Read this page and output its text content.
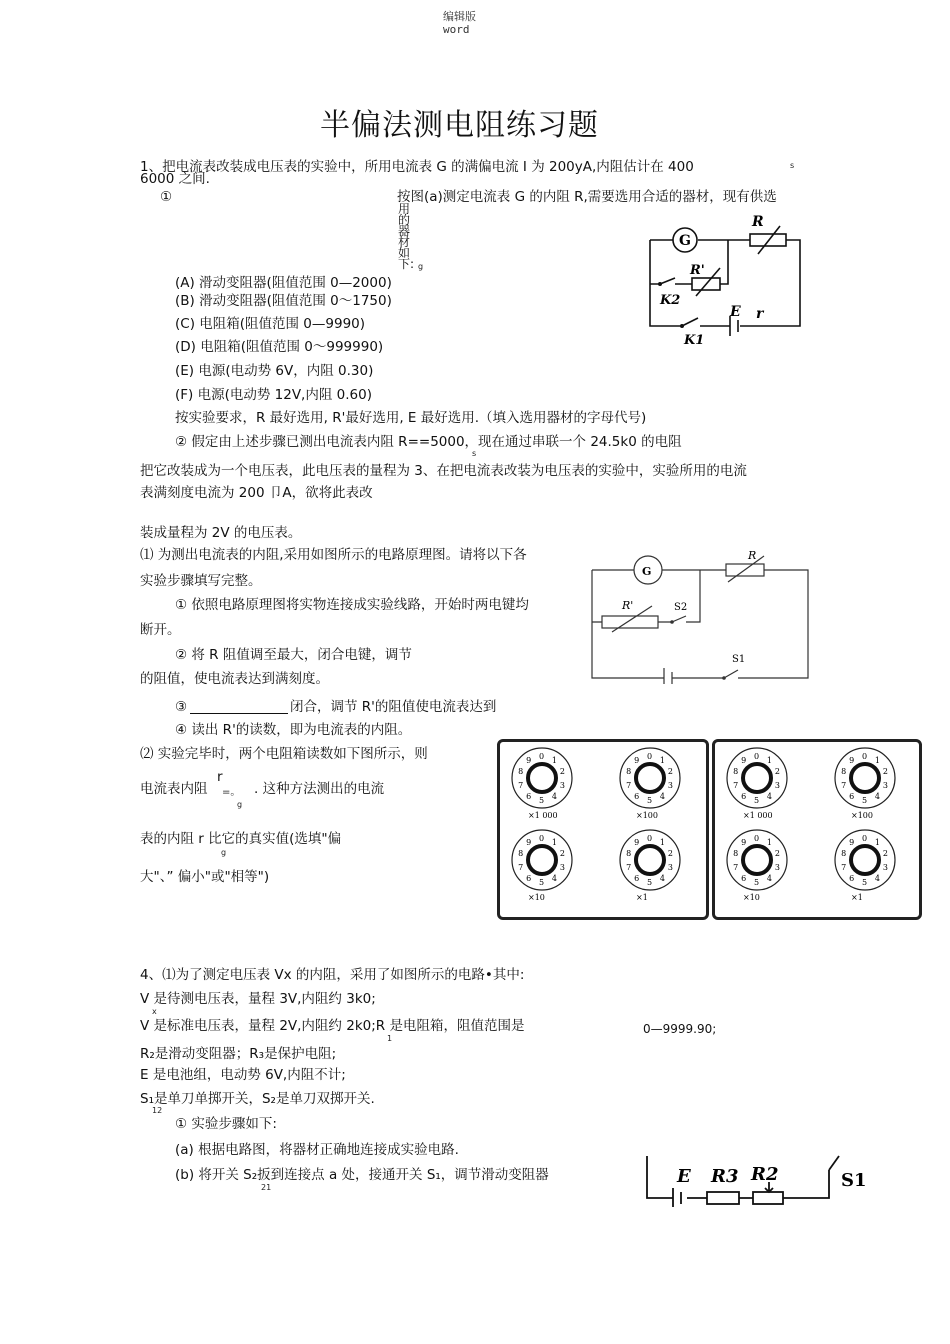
编辑版
word
半偏法测电阻练习题
1、把电流表改装成电压表的实验中，所用电流表 G 的满偏电流 I 为 200yA,内阻估计在 400	s
6000 之间.
①	按图(a)测定电流表 G 的内阻 R,需要选用合适的器材，现有供选
用的器材如下: g
(A) 滑动变阻器(阻值范围 0—2000)
(B) 滑动变阻器(阻值范围 0〜1750)
(C) 电阻箱(阻值范围 0—9990)
(D) 电阻箱(阻值范围 0〜999990)
(E) 电源(电动势 6V，内阻 0.30)
(F) 电源(电动势 12V,内阻 0.60)
按实验要求，R 最好选用, R'最好选用, E 最好选用.（填入选用器材的字母代号)
② 假定由上述步骤已测出电流表内阻 R==5000，现在通过串联一个 24.5k0 的电阻
s
G
R
R'
K2
E r
K1
把它改装成为一个电压表，此电压表的量程为 3、在把电流表改装为电压表的实验中，实验所用的电流
表满刻度电流为 200 卩A，欲将此表改
装成量程为 2V 的电压表。
⑴ 为测出电流表的内阻,采用如图所示的电路原理图。请将以下各
实验步骤填写完整。
① 依照电路原理图将实物连接成实验线路，开始时两电键均
断开。
② 将 R 阻值调至最大，闭合电键，调节
的阻值，使电流表达到满刻度。
③	闭合，调节 R'的阻值使电流表达到
④ 读出 R'的读数，即为电流表的内阻。
⑵ 实验完毕时，两个电阻箱读数如下图所示，则
电流表内阻
r
=。 . 这种方法测出的电流
g
表的内阻 r 比它的真实值(选填"偏
g
大"、” 偏小"或"相等")
G
R
R'	S2
S1
0 1
2
3
4
5
6
7
8
9
×1 000
0 1
2
3
4
5
6
7
8
9
×100
0 1
2
3
4
5
6
7
8
9
×10
0 1
2
3
4
5
6
7
8
9
×1
0 1
2
3
4
5
6
7
8
9
×1 000
0 1
2
3
4
5
6
7
8
9
×100
0 1
2
3
4
5
6
7
8
9
×10
0 1
2
3
4
5
6
7
8
9
×1
4、⑴为了测定电压表 Vx 的内阻，采用了如图所示的电路•其中:
V 是待测电压表，量程 3V,内阻约 3k0;
x
V 是标准电压表，量程 2V,内阻约 2k0;R 是电阻箱，阻值范围是
1
0—9999.90;
R₂是滑动变阻器；R₃是保护电阻;
E 是电池组，电动势 6V,内阻不计;
S₁是单刀单掷开关，S₂是单刀双掷开关.
12
① 实验步骤如下:
(a) 根据电路图，将器材正确地连接成实验电路.
(b) 将开关 S₂扳到连接点 a 处，接通开关 S₁，调节滑动变阻器
21
E R3 R2	S1
